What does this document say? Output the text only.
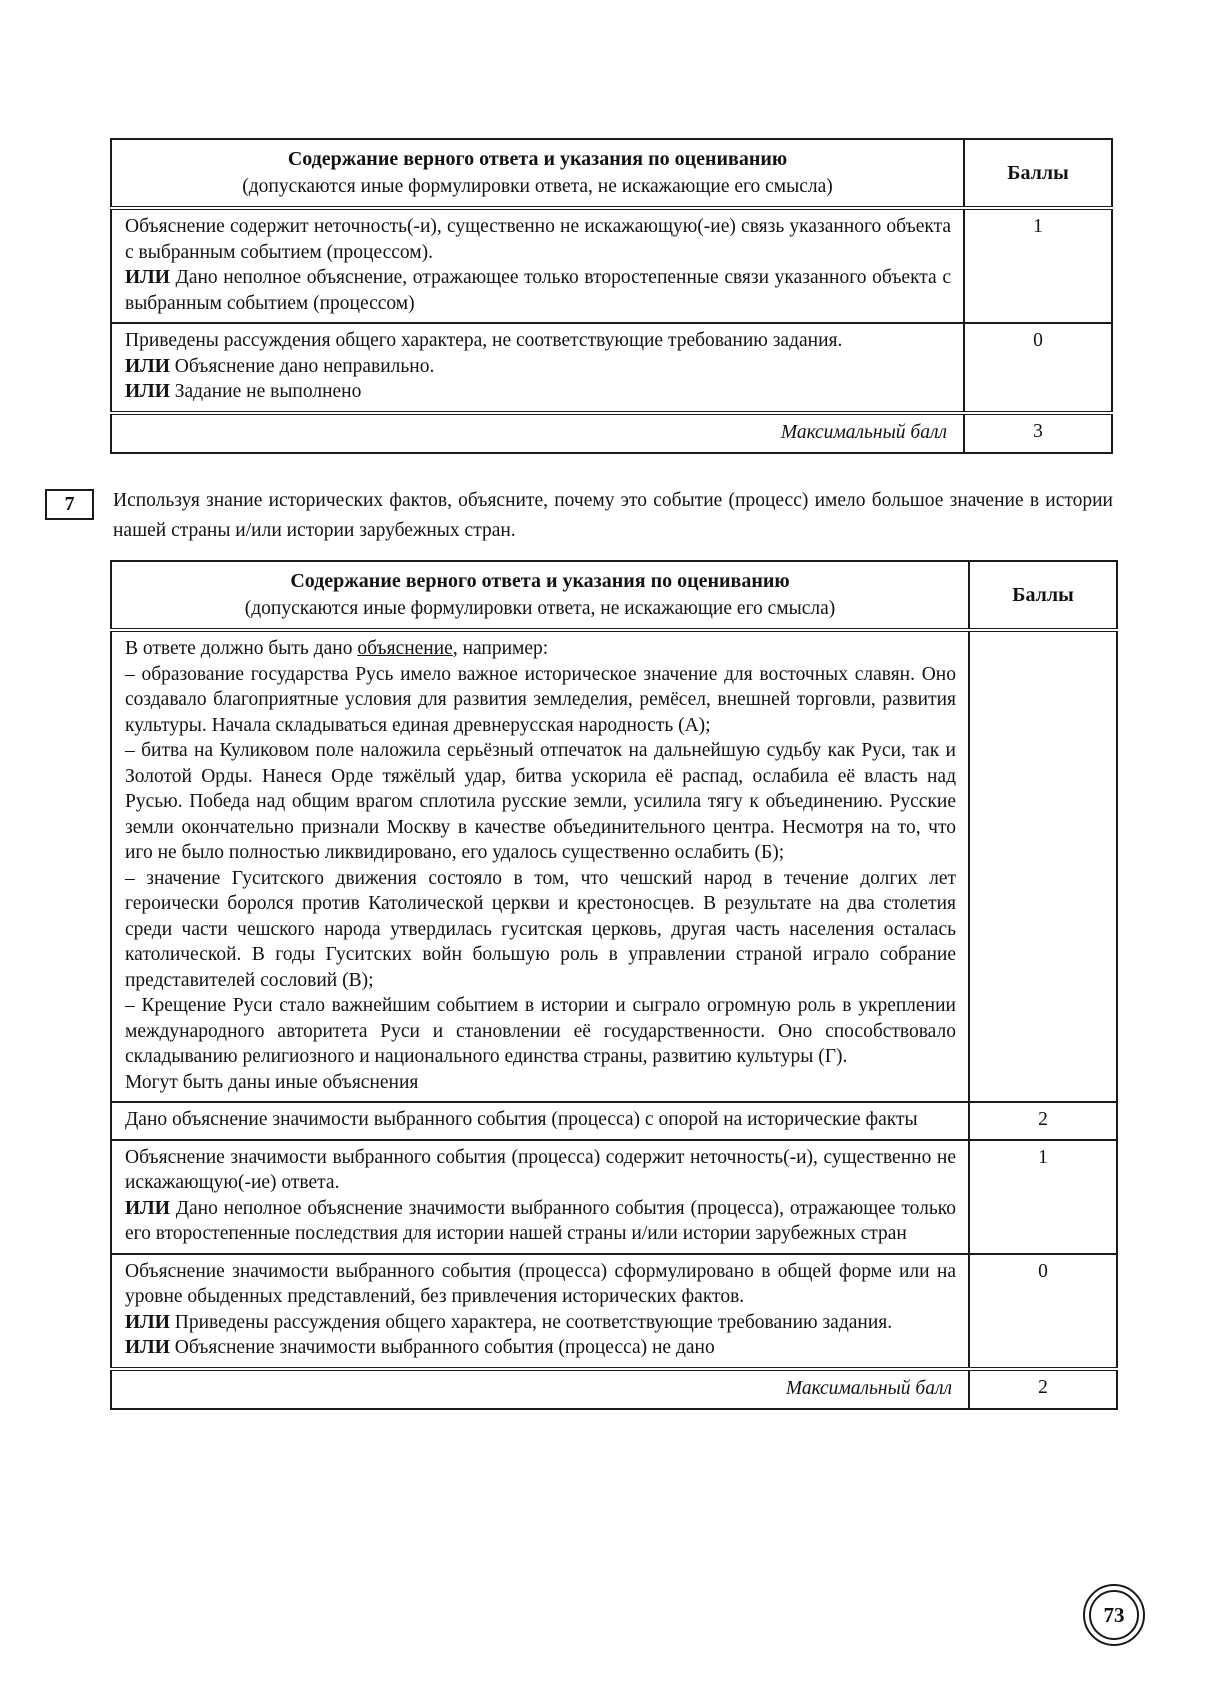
Содержание верного ответа и указания по оцениванию
(допускаются иные формулировки ответа, не искажающие его смысла)	Баллы

Объяснение содержит неточность(-и), существенно не искажающую(-ие) связь указанного объекта с выбранным событием (процессом).
ИЛИ Дано неполное объяснение, отражающее только второстепенные связи указанного объекта с выбранным событием (процессом)	1

Приведены рассуждения общего характера, не соответствующие требованию задания.
ИЛИ Объяснение дано неправильно.
ИЛИ Задание не выполнено	0
Максимальный балл	3
7	Используя знание исторических фактов, объясните, почему это событие (процесс) имело большое значение в истории нашей страны и/или истории зарубежных стран.
Содержание верного ответа и указания по оцениванию
(допускаются иные формулировки ответа, не искажающие его смысла)	Баллы

В ответе должно быть дано объяснение, например:
– образование государства Русь имело важное историческое значение для восточных славян. Оно создавало благоприятные условия для развития земледелия, ремёсел, внешней торговли, развития культуры. Начала складываться единая древнерусская народность (А);
– битва на Куликовом поле наложила серьёзный отпечаток на дальнейшую судьбу как Руси, так и Золотой Орды. Нанеся Орде тяжёлый удар, битва ускорила её распад, ослабила её власть над Русью. Победа над общим врагом сплотила русские земли, усилила тягу к объединению. Русские земли окончательно признали Москву в качестве объединительного центра. Несмотря на то, что иго не было полностью ликвидировано, его удалось существенно ослабить (Б);
– значение Гуситского движения состояло в том, что чешский народ в течение долгих лет героически боролся против Католической церкви и крестоносцев. В результате на два столетия среди части чешского народа утвердилась гуситская церковь, другая часть населения осталась католической. В годы Гуситских войн большую роль в управлении страной играло собрание представителей сословий (В);
– Крещение Руси стало важнейшим событием в истории и сыграло огромную роль в укреплении международного авторитета Руси и становлении её государственности. Оно способствовало складыванию религиозного и национального единства страны, развитию культуры (Г).
Могут быть даны иные объяснения

Дано объяснение значимости выбранного события (процесса) с опорой на исторические факты	2

Объяснение значимости выбранного события (процесса) содержит неточность(-и), существенно не искажающую(-ие) ответа.
ИЛИ Дано неполное объяснение значимости выбранного события (процесса), отражающее только его второстепенные последствия для истории нашей страны и/или истории зарубежных стран	1

Объяснение значимости выбранного события (процесса) сформулировано в общей форме или на уровне обыденных представлений, без привлечения исторических фактов.
ИЛИ Приведены рассуждения общего характера, не соответствующие требованию задания.
ИЛИ Объяснение значимости выбранного события (процесса) не дано	0
Максимальный балл	2
73
